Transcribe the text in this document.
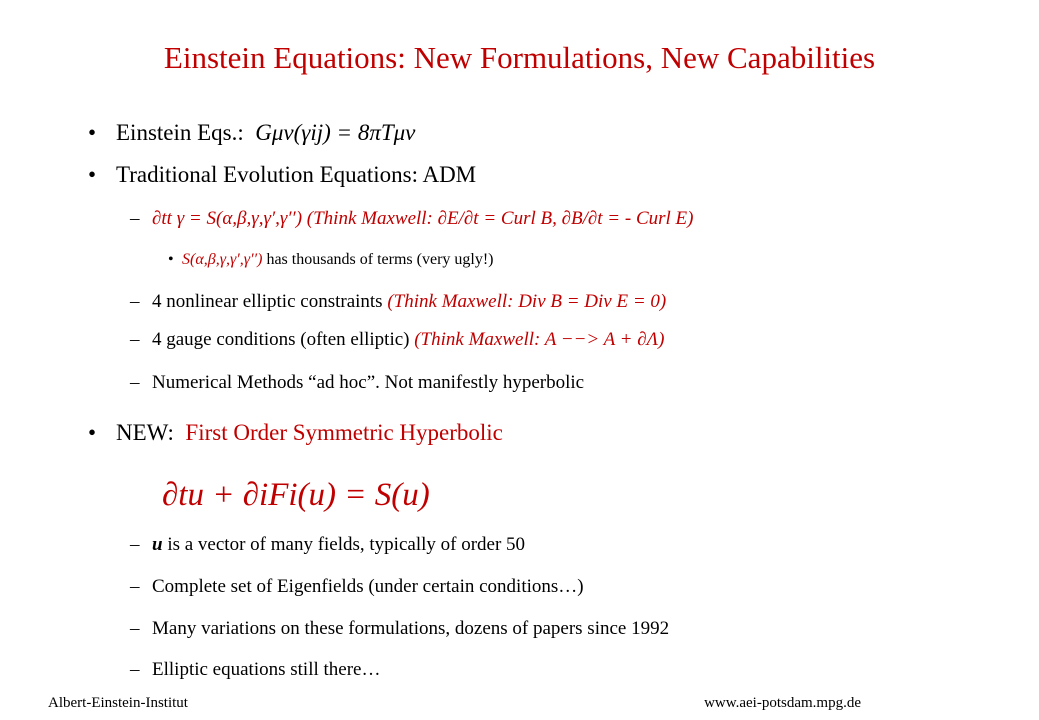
Einstein Equations: New Formulations, New Capabilities
• Einstein Eqs.: Gμν(γij) = 8πTμν
• Traditional Evolution Equations: ADM
– ∂tt γ = S(α,β,γ,γ′,γ′′) (Think Maxwell: ∂E/∂t = Curl B, ∂B/∂t = - Curl E)
• S(α,β,γ,γ′,γ′′) has thousands of terms (very ugly!)
– 4 nonlinear elliptic constraints (Think Maxwell: Div B = Div E = 0)
– 4 gauge conditions (often elliptic) (Think Maxwell: A −−> A + ∂Λ)
– Numerical Methods “ad hoc”. Not manifestly hyperbolic
• NEW: First Order Symmetric Hyperbolic
∂tu + ∂iFi(u) = S(u)
– u is a vector of many fields, typically of order 50
– Complete set of Eigenfields (under certain conditions…)
– Many variations on these formulations, dozens of papers since 1992
– Elliptic equations still there…
Albert-Einstein-Institut	www.aei-potsdam.mpg.de
